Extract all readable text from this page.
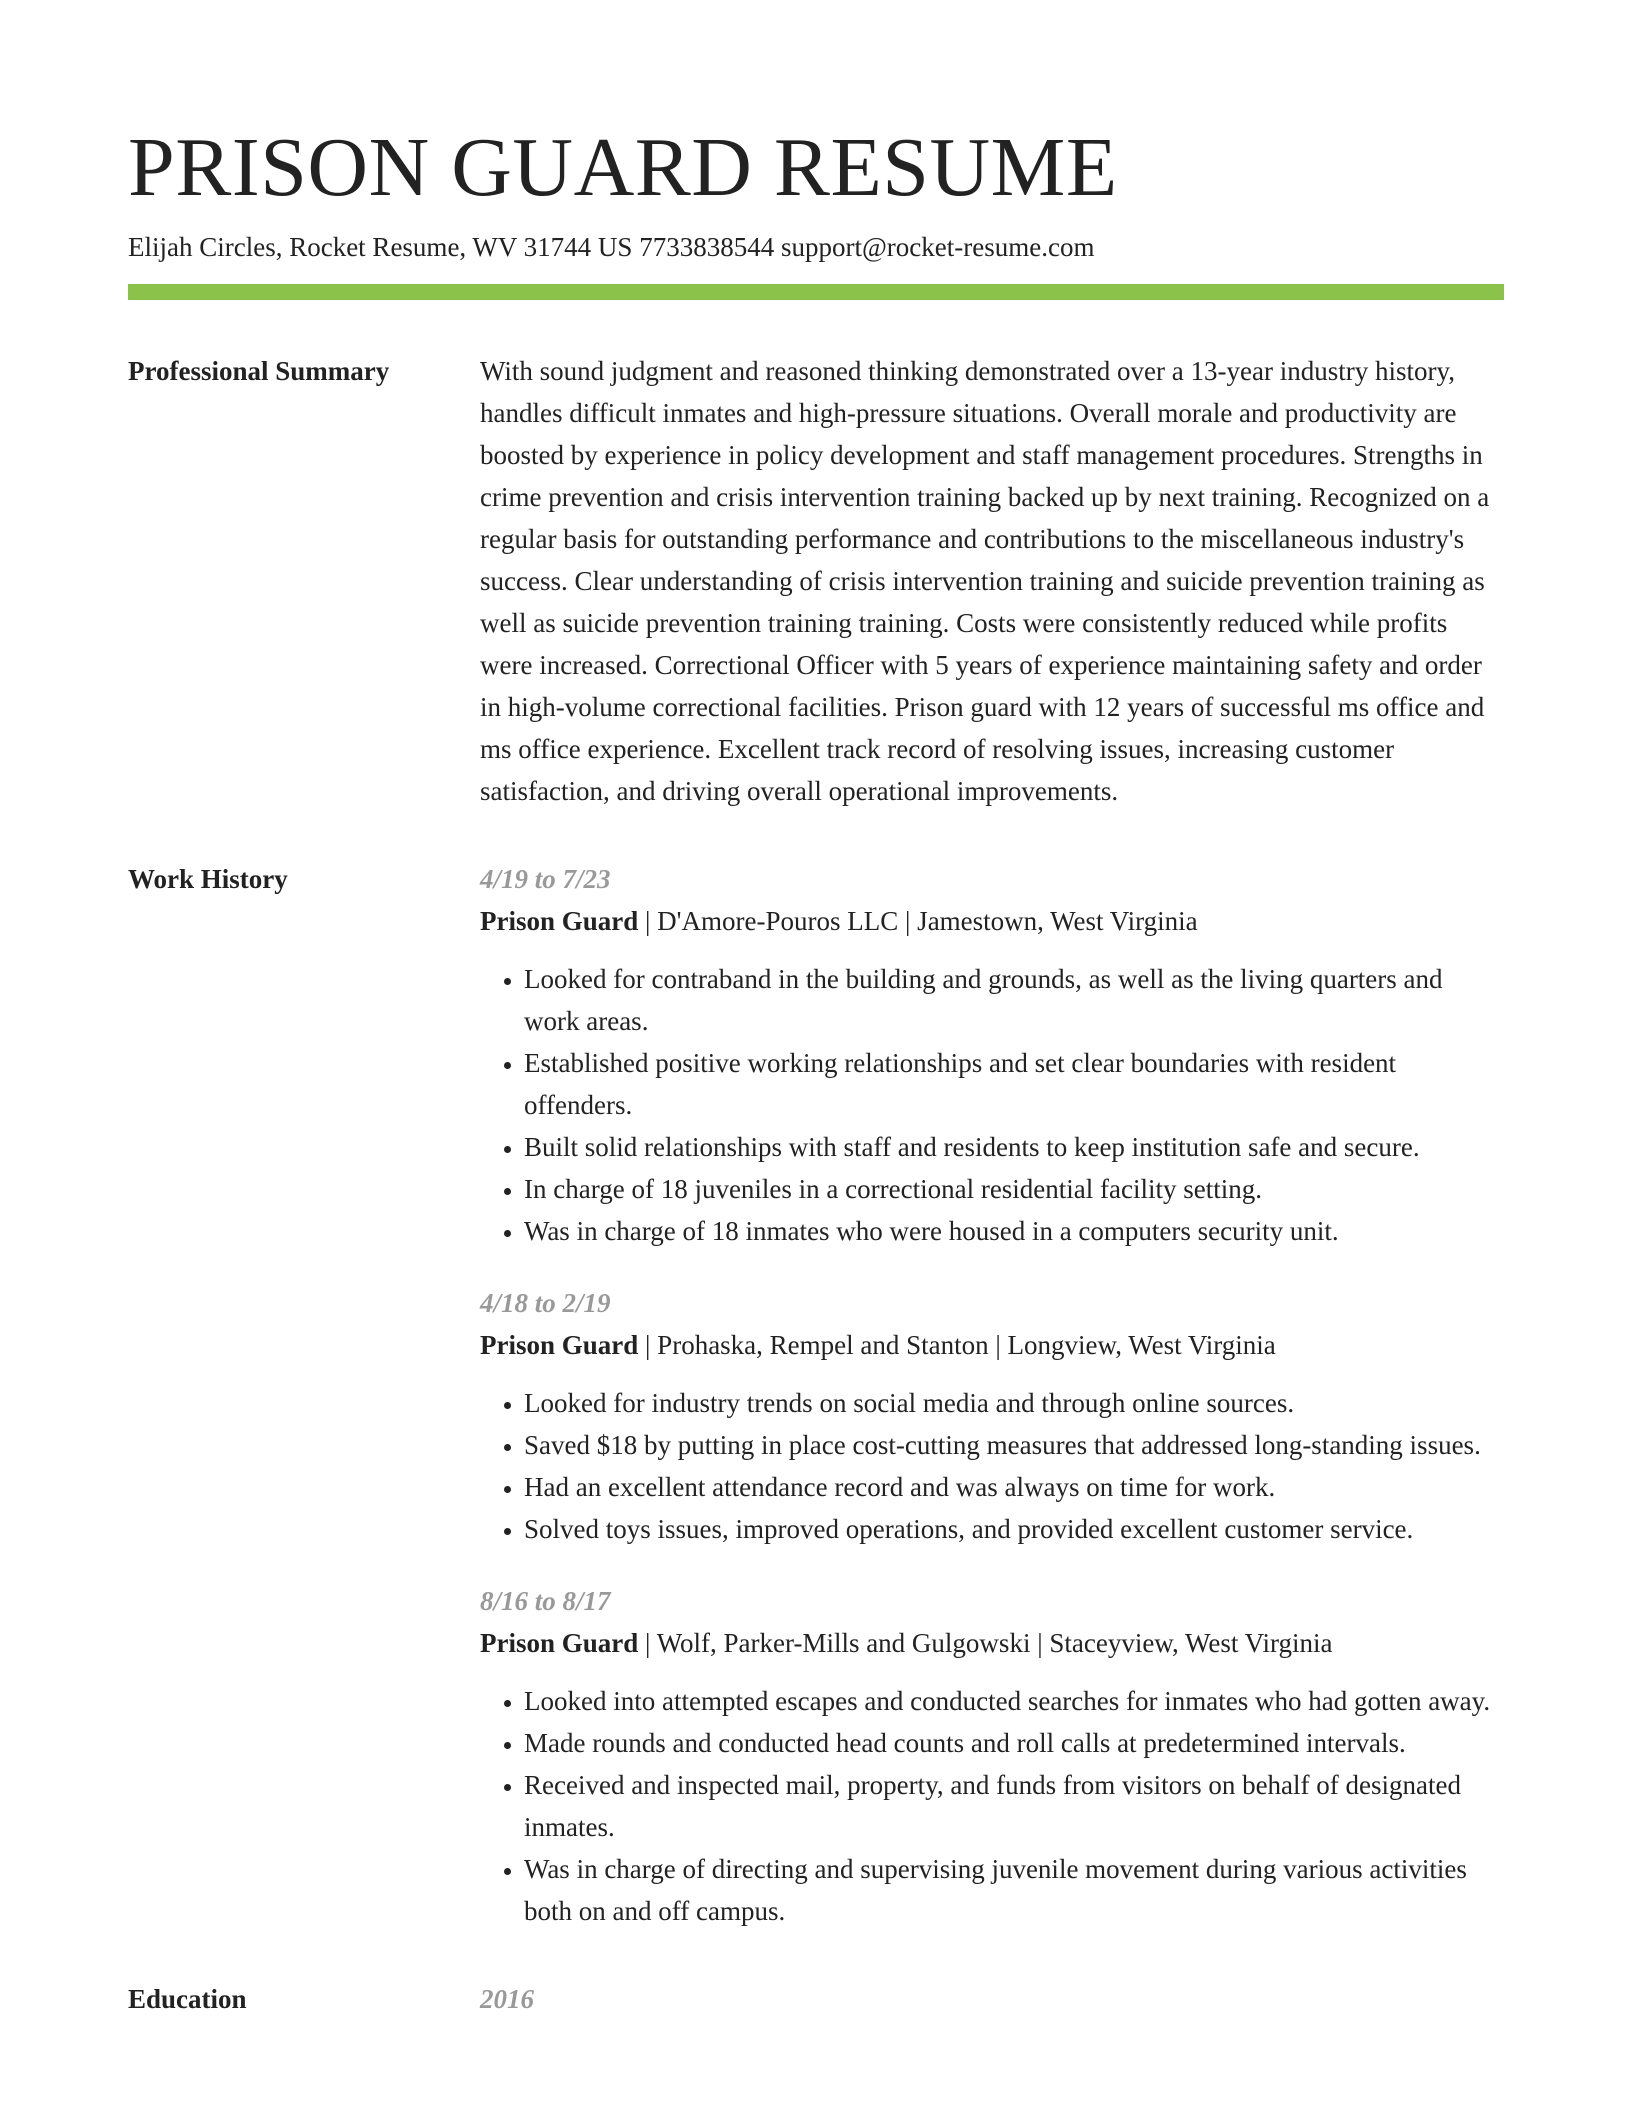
PRISON GUARD RESUME
Elijah Circles, Rocket Resume, WV 31744 US 7733838544 support@rocket-resume.com
Professional Summary	With sound judgment and reasoned thinking demonstrated over a 13-year industry history, handles difficult inmates and high-pressure situations. Overall morale and productivity are boosted by experience in policy development and staff management procedures. Strengths in crime prevention and crisis intervention training backed up by next training. Recognized on a regular basis for outstanding performance and contributions to the miscellaneous industry's success. Clear understanding of crisis intervention training and suicide prevention training as well as suicide prevention training training. Costs were consistently reduced while profits were increased. Correctional Officer with 5 years of experience maintaining safety and order in high-volume correctional facilities. Prison guard with 12 years of successful ms office and ms office experience. Excellent track record of resolving issues, increasing customer satisfaction, and driving overall operational improvements.

Work History	4/19 to 7/23
Prison Guard | D'Amore-Pouros LLC | Jamestown, West Virginia
• Looked for contraband in the building and grounds, as well as the living quarters and work areas.
• Established positive working relationships and set clear boundaries with resident offenders.
• Built solid relationships with staff and residents to keep institution safe and secure.
• In charge of 18 juveniles in a correctional residential facility setting.
• Was in charge of 18 inmates who were housed in a computers security unit.
4/18 to 2/19
Prison Guard | Prohaska, Rempel and Stanton | Longview, West Virginia
• Looked for industry trends on social media and through online sources.
• Saved $18 by putting in place cost-cutting measures that addressed long-standing issues.
• Had an excellent attendance record and was always on time for work.
• Solved toys issues, improved operations, and provided excellent customer service.
8/16 to 8/17
Prison Guard | Wolf, Parker-Mills and Gulgowski | Staceyview, West Virginia
• Looked into attempted escapes and conducted searches for inmates who had gotten away.
• Made rounds and conducted head counts and roll calls at predetermined intervals.
• Received and inspected mail, property, and funds from visitors on behalf of designated inmates.
• Was in charge of directing and supervising juvenile movement during various activities both on and off campus.
Education	2016
